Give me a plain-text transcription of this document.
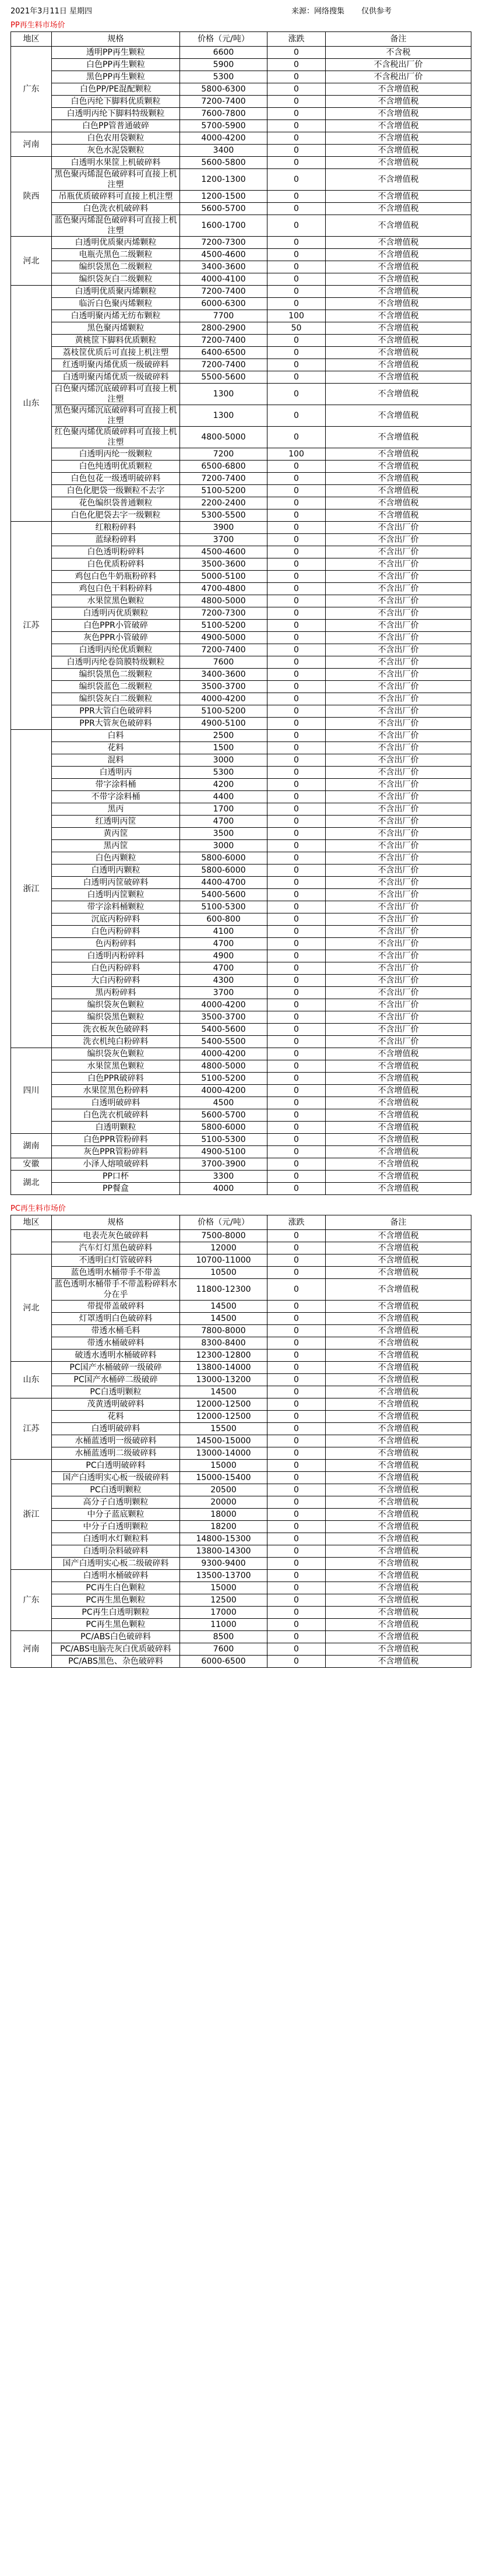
2021年3月11日 星期四	来源：网络搜集 仅供参考
PP再生料市场价
地区	规格	价格（元/吨）	涨跌	备注
广东	透明PP再生颗粒	6600	0	不含税
	白色PP再生颗粒	5900	0	不含税出厂价
	黑色PP再生颗粒	5300	0	不含税出厂价
	白色PP/PE混配颗粒	5800-6300	0	不含增值税
	白色丙纶下脚料优质颗粒	7200-7400	0	不含增值税
	白透明丙纶下脚料特级颗粒	7600-7800	0	不含增值税
	白色PP管普通破碎	5700-5900	0	不含增值税
河南	白色农用袋颗粒	4000-4200	0	不含增值税
	灰色水泥袋颗粒	3400	0	不含增值税
陕西	白透明水果筐上机破碎料	5600-5800	0	不含增值税
	黑色聚丙烯混色破碎料可直接上机注塑	1200-1300	0	不含增值税
	吊瓶优质破碎料可直接上机注塑	1200-1500	0	不含增值税
	白色洗衣机破碎料	5600-5700	0	不含增值税
	蓝色聚丙烯混色破碎料可直接上机注塑	1600-1700	0	不含增值税
河北	白透明优质聚丙烯颗粒	7200-7300	0	不含增值税
	电瓶壳黑色二级颗粒	4500-4600	0	不含增值税
	编织袋黑色二级颗粒	3400-3600	0	不含增值税
	编织袋灰白二级颗粒	4000-4100	0	不含增值税
山东	白透明优质聚丙烯颗粒	7200-7400	0	不含增值税
	临沂白色聚丙烯颗粒	6000-6300	0	不含增值税
	白透明聚丙烯无纺布颗粒	7700	100	不含增值税
	黑色聚丙烯颗粒	2800-2900	50	不含增值税
	黄桃筐下脚料优质颗粒	7200-7400	0	不含增值税
	荔枝筐优质后可直接上机注塑	6400-6500	0	不含增值税
	红透明聚丙烯优质一级破碎料	7200-7400	0	不含增值税
	白透明聚丙烯优质一级破碎料	5500-5600	0	不含增值税
	白色聚丙烯沉底破碎料可直接上机注塑	1300	0	不含增值税
	黑色聚丙烯沉底破碎料可直接上机注塑	1300	0	不含增值税
	红色聚丙烯优质破碎料可直接上机注塑	4800-5000	0	不含增值税
	白透明丙纶一级颗粒	7200	100	不含增值税
	白色纯透明优质颗粒	6500-6800	0	不含增值税
	白色包花一级透明破碎料	7200-7400	0	不含增值税
	白色化肥袋一级颗粒不去字	5100-5200	0	不含增值税
	花色编织袋普通颗粒	2200-2400	0	不含增值税
	白色化肥袋去字一级颗粒	5300-5500	0	不含增值税
江苏	红粮粉碎料	3900	0	不含出厂价
	蓝绿粉碎料	3700	0	不含出厂价
	白色透明粉碎料	4500-4600	0	不含出厂价
	白色优质粉碎料	3500-3600	0	不含出厂价
	鸡包白色牛奶瓶粉碎料	5000-5100	0	不含出厂价
	鸡包白色干料粉碎料	4700-4800	0	不含出厂价
	水果筐黑色颗粒	4800-5000	0	不含出厂价
	白透明丙优质颗粒	7200-7300	0	不含出厂价
	白色PPR小管破碎	5100-5200	0	不含出厂价
	灰色PPR小管破碎	4900-5000	0	不含出厂价
	白透明丙纶优质颗粒	7200-7400	0	不含出厂价
	白透明丙纶卷筒膜特级颗粒	7600	0	不含出厂价
	编织袋黑色二级颗粒	3400-3600	0	不含出厂价
	编织袋蓝色二级颗粒	3500-3700	0	不含出厂价
	编织袋灰白二级颗粒	4000-4200	0	不含出厂价
	PPR大管白色破碎料	5100-5200	0	不含出厂价
	PPR大管灰色破碎料	4900-5100	0	不含出厂价
浙江	白料	2500	0	不含出厂价
	花料	1500	0	不含出厂价
	混料	3000	0	不含出厂价
	白透明丙	5300	0	不含出厂价
	带字涂料桶	4200	0	不含出厂价
	不带字涂料桶	4400	0	不含出厂价
	黑丙	1700	0	不含出厂价
	红透明丙筐	4700	0	不含出厂价
	黄丙筐	3500	0	不含出厂价
	黑丙筐	3000	0	不含出厂价
	白色丙颗粒	5800-6000	0	不含出厂价
	白透明丙颗粒	5800-6000	0	不含出厂价
	白透明丙筐破碎料	4400-4700	0	不含出厂价
	白透明丙筐颗粒	5400-5600	0	不含出厂价
	带字涂料桶颗粒	5100-5300	0	不含出厂价
	沉底丙粉碎料	600-800	0	不含出厂价
	白色丙粉碎料	4100	0	不含出厂价
	色丙粉碎料	4700	0	不含出厂价
	白透明丙粉碎料	4900	0	不含出厂价
	白色丙粉碎料	4700	0	不含出厂价
	大白丙粉碎料	4300	0	不含出厂价
	黑丙粉碎料	3700	0	不含出厂价
	编织袋灰色颗粒	4000-4200	0	不含出厂价
	编织袋黑色颗粒	3500-3700	0	不含出厂价
	洗衣板灰色破碎料	5400-5600	0	不含出厂价
	洗衣机纯白粉碎料	5400-5500	0	不含出厂价
四川	编织袋灰色颗粒	4000-4200	0	不含增值税
	水果筐黑色颗粒	4800-5000	0	不含增值税
	白色PPR破碎料	5100-5200	0	不含增值税
	水果筐黑色粉碎料	4000-4200	0	不含增值税
	白透明破碎料	4500	0	不含增值税
	白色洗衣机破碎料	5600-5700	0	不含增值税
	白透明颗粒	5800-6000	0	不含增值税
湖南	白色PPR管粉碎料	5100-5300	0	不含增值税
	灰色PPR管粉碎料	4900-5100	0	不含增值税
安徽	小泽人熔喷破碎料	3700-3900	0	不含增值税
湖北	PP口杯	3300	0	不含增值税
	PP餐盒	4000	0	不含增值税
PC再生料市场价
地区	规格	价格（元/吨）	涨跌	备注
	电表壳灰色破碎料	7500-8000	0	不含增值税
	汽车灯灯黑色破碎料	12000	0	不含增值税
河北	不透明白灯管破碎料	10700-11000	0	不含增值税
	蓝色透明水桶带手不带盖	10500	0	不含增值税
	蓝色透明水桶带手不带盖粉碎料水分在乎	11800-12300	0	不含增值税
	带提带盖破碎料	14500	0	不含增值税
	灯罩透明白色破碎料	14500	0	不含增值税
	带透水桶毛料	7800-8000	0	不含增值税
	带透水桶破碎料	8300-8400	0	不含增值税
	破透水透明水桶破碎料	12300-12800	0	不含增值税
山东	PC国产水桶破碎一级破碎	13800-14000	0	不含增值税
	PC国产水桶碎二级破碎	13000-13200	0	不含增值税
	PC白透明颗粒	14500	0	不含增值税
江苏	茂黄透明破碎料	12000-12500	0	不含增值税
	花料	12000-12500	0	不含增值税
	白透明破碎料	15500	0	不含增值税
	水桶蓝透明一级破碎料	14500-15000	0	不含增值税
	水桶蓝透明二级破碎料	13000-14000	0	不含增值税
浙江	PC白透明破碎料	15000	0	不含增值税
	国产白透明实心板一级破碎料	15000-15400	0	不含增值税
	PC白透明颗粒	20500	0	不含增值税
	高分子白透明颗粒	20000	0	不含增值税
	中分子蓝底颗粒	18000	0	不含增值税
	中分子白透明颗粒	18200	0	不含增值税
	白透明水灯颗粒料	14800-15300	0	不含增值税
	白透明杂料破碎料	13800-14300	0	不含增值税
	国产白透明实心板二级破碎料	9300-9400	0	不含增值税
广东	白透明水桶破碎料	13500-13700	0	不含增值税
	PC再生白色颗粒	15000	0	不含增值税
	PC再生黑色颗粒	12500	0	不含增值税
	PC再生白透明颗粒	17000	0	不含增值税
	PC再生黑色颗粒	11000	0	不含增值税
河南	PC/ABS白色破碎料	8500	0	不含增值税
	PC/ABS电脑壳灰白优质破碎料	7600	0	不含增值税
	PC/ABS黑色、杂色破碎料	6000-6500	0	不含增值税
